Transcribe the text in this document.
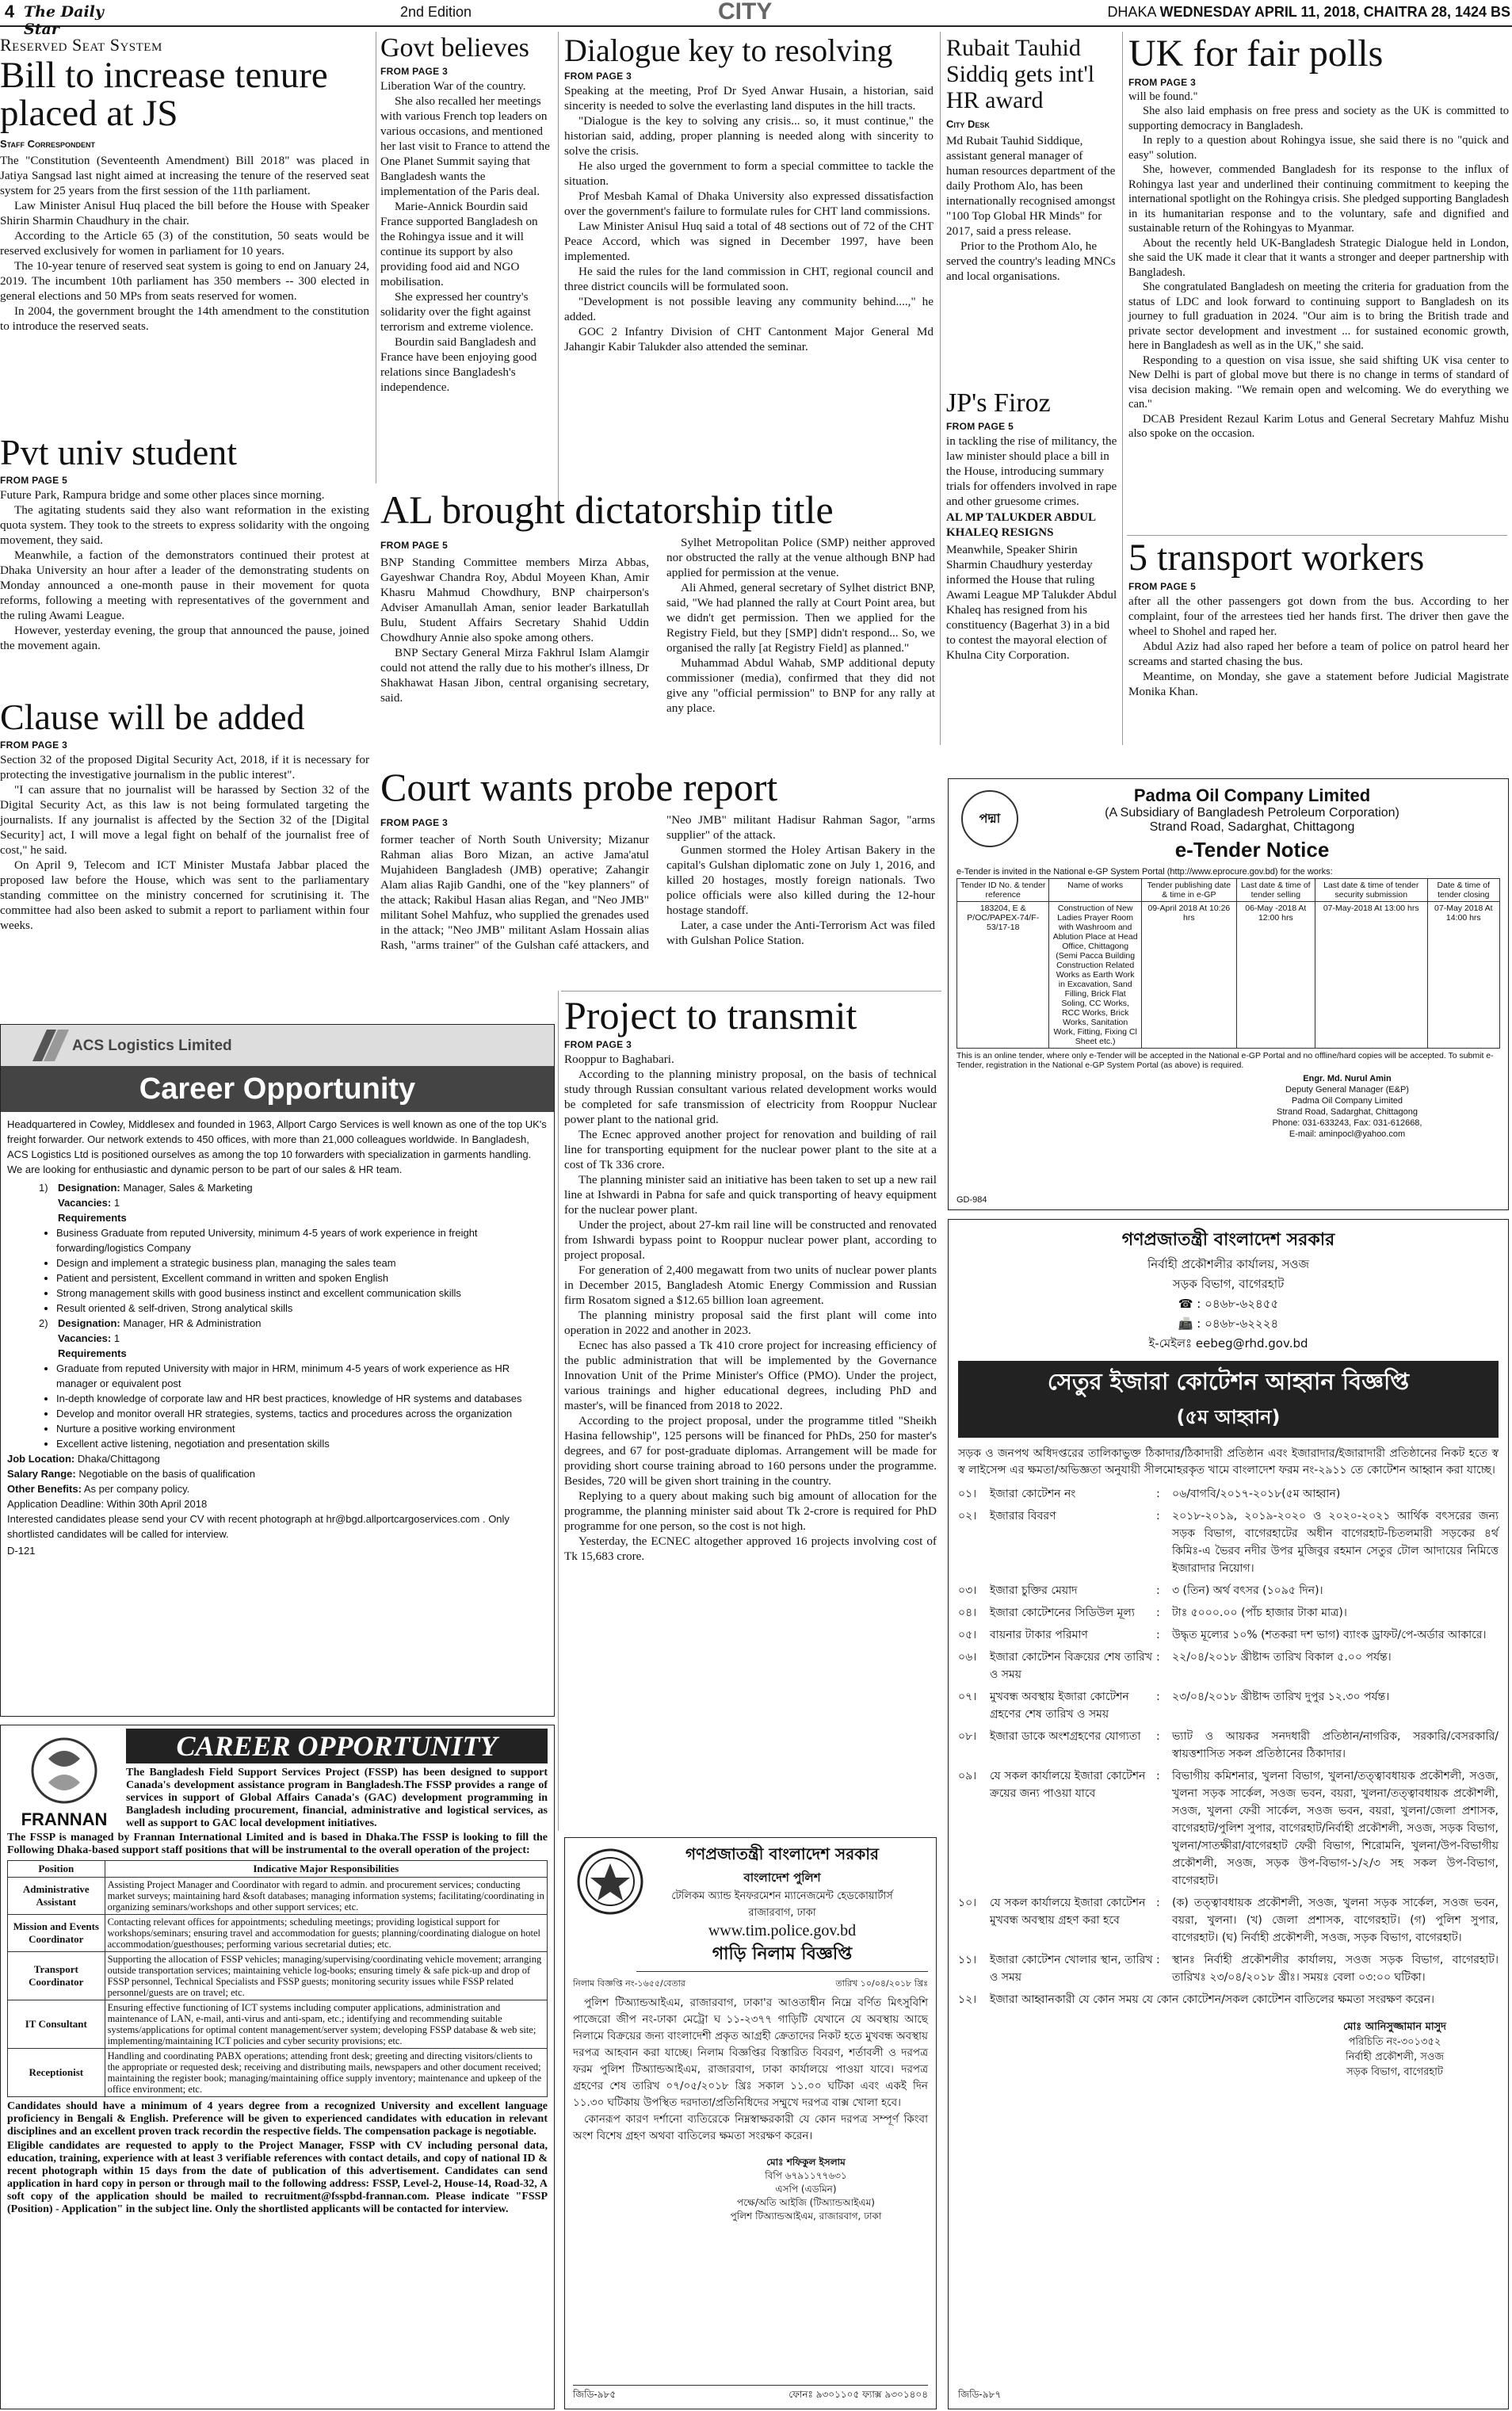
4 The Daily Star
2nd Edition	CITY	DHAKA WEDNESDAY APRIL 11, 2018, CHAITRA 28, 1424 BS
Reserved Seat System
Bill to increase tenure placed at JS
Staff Correspondent

The "Constitution (Seventeenth Amendment) Bill 2018" was placed in Jatiya Sangsad last night aimed at increasing the tenure of the reserved seat system for 25 years from the first session of the 11th parliament.

Law Minister Anisul Huq placed the bill before the House with Speaker Shirin Sharmin Chaudhury in the chair.

According to the Article 65 (3) of the constitution, 50 seats would be reserved exclusively for women in parliament for 10 years.

The 10-year tenure of reserved seat system is going to end on January 24, 2019. The incumbent 10th parliament has 350 members -- 300 elected in general elections and 50 MPs from seats reserved for women.

In 2004, the government brought the 14th amendment to the constitution to introduce the reserved seats.

Pvt univ student
FROM PAGE 5

Future Park, Rampura bridge and some other places since morning.

The agitating students said they also want reformation in the existing quota system. They took to the streets to express solidarity with the ongoing movement, they said.

Meanwhile, a faction of the demonstrators continued their protest at Dhaka University an hour after a leader of the demonstrating students on Monday announced a one-month pause in their movement for quota reforms, following a meeting with representatives of the government and the ruling Awami League.

However, yesterday evening, the group that announced the pause, joined the movement again.

Clause will be added
FROM PAGE 3

Section 32 of the proposed Digital Security Act, 2018, if it is necessary for protecting the investigative journalism in the public interest".

"I can assure that no journalist will be harassed by Section 32 of the Digital Security Act, as this law is not being formulated targeting the journalists. If any journalist is affected by the Section 32 of the [Digital Security] act, I will move a legal fight on behalf of the journalist free of cost," he said.

On April 9, Telecom and ICT Minister Mustafa Jabbar placed the proposed law before the House, which was sent to the parliamentary standing committee on the ministry concerned for scrutinising it. The committee had also been asked to submit a report to parliament within four weeks.

Govt believes
FROM PAGE 3

Liberation War of the country.

She also recalled her meetings with various French top leaders on various occasions, and mentioned her last visit to France to attend the One Planet Summit saying that Bangladesh wants the implementation of the Paris deal.

Marie-Annick Bourdin said France supported Bangladesh on the Rohingya issue and it will continue its support by also providing food aid and NGO mobilisation.

She expressed her country's solidarity over the fight against terrorism and extreme violence.

Bourdin said Bangladesh and France have been enjoying good relations since Bangladesh's independence.

Dialogue key to resolving
FROM PAGE 3

Speaking at the meeting, Prof Dr Syed Anwar Husain, a historian, said sincerity is needed to solve the everlasting land disputes in the hill tracts.

"Dialogue is the key to solving any crisis... so, it must continue," the historian said, adding, proper planning is needed along with sincerity to solve the crisis.

He also urged the government to form a special committee to tackle the situation.

Prof Mesbah Kamal of Dhaka University also expressed dissatisfaction over the government's failure to formulate rules for CHT land commissions.

Law Minister Anisul Huq said a total of 48 sections out of 72 of the CHT Peace Accord, which was signed in December 1997, have been implemented.

He said the rules for the land commission in CHT, regional council and three district councils will be formulated soon.

"Development is not possible leaving any community behind....," he added.

GOC 2 Infantry Division of CHT Cantonment Major General Md Jahangir Kabir Talukder also attended the seminar.

Rubait Tauhid Siddiq gets int'l HR award
City Desk

Md Rubait Tauhid Siddique, assistant general manager of human resources department of the daily Prothom Alo, has been internationally recognised amongst "100 Top Global HR Minds" for 2017, said a press release.

Prior to the Prothom Alo, he served the country's leading MNCs and local organisations.

JP's Firoz
FROM PAGE 5

in tackling the rise of militancy, the law minister should place a bill in the House, introducing summary trials for offenders involved in rape and other gruesome crimes.

AL MP TALUKDER ABDUL KHALEQ RESIGNS

Meanwhile, Speaker Shirin Sharmin Chaudhury yesterday informed the House that ruling Awami League MP Talukder Abdul Khaleq has resigned from his constituency (Bagerhat 3) in a bid to contest the mayoral election of Khulna City Corporation.

UK for fair polls
FROM PAGE 3

will be found."

She also laid emphasis on free press and society as the UK is committed to supporting democracy in Bangladesh.

In reply to a question about Rohingya issue, she said there is no "quick and easy" solution.

She, however, commended Bangladesh for its response to the influx of Rohingya last year and underlined their continuing commitment to keeping the international spotlight on the Rohingya crisis. She pledged supporting Bangladesh in its humanitarian response and to the voluntary, safe and dignified and sustainable return of the Rohingyas to Myanmar.

About the recently held UK-Bangladesh Strategic Dialogue held in London, she said the UK made it clear that it wants a stronger and deeper partnership with Bangladesh.

She congratulated Bangladesh on meeting the criteria for graduation from the status of LDC and look forward to continuing support to Bangladesh on its journey to full graduation in 2024. "Our aim is to bring the British trade and private sector development and investment ... for sustained economic growth, here in Bangladesh as well as in the UK," she said.

Responding to a question on visa issue, she said shifting UK visa center to New Delhi is part of global move but there is no change in terms of standard of visa decision making. "We remain open and welcoming. We do everything we can."

DCAB President Rezaul Karim Lotus and General Secretary Mahfuz Mishu also spoke on the occasion.

5 transport workers
FROM PAGE 5

after all the other passengers got down from the bus. According to her complaint, four of the arrestees tied her hands first. The driver then gave the wheel to Shohel and raped her.

Abdul Aziz had also raped her before a team of police on patrol heard her screams and started chasing the bus.

Meantime, on Monday, she gave a statement before Judicial Magistrate Monika Khan.

AL brought dictatorship title
FROM PAGE 5

BNP Standing Committee members Mirza Abbas, Gayeshwar Chandra Roy, Abdul Moyeen Khan, Amir Khasru Mahmud Chowdhury, BNP chairperson's Adviser Amanullah Aman, senior leader Barkatullah Bulu, Student Affairs Secretary Shahid Uddin Chowdhury Annie also spoke among others.

BNP Sectary General Mirza Fakhrul Islam Alamgir could not attend the rally due to his mother's illness, Dr Shakhawat Hasan Jibon, central organising secretary, said.

Sylhet Metropolitan Police (SMP) neither approved nor obstructed the rally at the venue although BNP had applied for permission at the venue.

Ali Ahmed, general secretary of Sylhet district BNP, said, "We had planned the rally at Court Point area, but we didn't get permission. Then we applied for the Registry Field, but they [SMP] didn't respond... So, we organised the rally [at Registry Field] as planned."

Muhammad Abdul Wahab, SMP additional deputy commissioner (media), confirmed that they did not give any "official permission" to BNP for any rally at any place.

Court wants probe report
FROM PAGE 3

former teacher of North South University; Mizanur Rahman alias Boro Mizan, an active Jama'atul Mujahideen Bangladesh (JMB) operative; Zahangir Alam alias Rajib Gandhi, one of the "key planners" of the attack; Rakibul Hasan alias Regan, and "Neo JMB" militant Sohel Mahfuz, who supplied the grenades used in the attack; "Neo JMB" militant Aslam Hossain alias Rash, "arms trainer" of the Gulshan café attackers, and "Neo JMB" militant Hadisur Rahman Sagor, "arms supplier" of the attack.

Gunmen stormed the Holey Artisan Bakery in the capital's Gulshan diplomatic zone on July 1, 2016, and killed 20 hostages, mostly foreign nationals. Two police officials were also killed during the 12-hour hostage standoff.

Later, a case under the Anti-Terrorism Act was filed with Gulshan Police Station.

পদ্মা
Padma Oil Company Limited
(A Subsidiary of Bangladesh Petroleum Corporation)
Strand Road, Sadarghat, Chittagong
e-Tender Notice
e-Tender is invited in the National e-GP System Portal (http://www.eprocure.gov.bd) for the works:
Tender ID No. & tender reference	Name of works	Tender publishing date & time in e-GP	Last date & time of tender selling	Last date & time of tender security submission	Date & time of tender closing
183204, E & P/OC/PAPEX-74/F-53/17-18	Construction of New Ladies Prayer Room with Washroom and Ablution Place at Head Office, Chittagong (Semi Pacca Building Construction Related Works as Earth Work in Excavation, Sand Filling, Brick Flat Soling, CC Works, RCC Works, Brick Works, Sanitation Work, Fitting, Fixing Cl Sheet etc.)	09-April 2018 At 10:26 hrs	06-May -2018 At 12:00 hrs	07-May-2018 At 13:00 hrs	07-May 2018 At 14:00 hrs
This is an online tender, where only e-Tender will be accepted in the National e-GP Portal and no offline/hard copies will be accepted. To submit e-Tender, registration in the National e-GP System Portal (as above) is required.
Engr. Md. Nurul Amin
Deputy General Manager (E&P)
Padma Oil Company Limited
Strand Road, Sadarghat, Chittagong
Phone: 031-633243, Fax: 031-612668,
E-mail: aminpocl@yahoo.com
GD-984
ACS Logistics Limited
Career Opportunity
Headquartered in Cowley, Middlesex and founded in 1963, Allport Cargo Services is well known as one of the top UK's freight forwarder. Our network extends to 450 offices, with more than 21,000 colleagues worldwide. In Bangladesh, ACS Logistics Ltd is positioned ourselves as among the top 10 forwarders with specialization in garments handling. We are looking for enthusiastic and dynamic person to be part of our sales & HR team.
1) Designation: Manager, Sales & Marketing
Vacancies: 1
Requirements
• Business Graduate from reputed University, minimum 4-5 years of work experience in freight forwarding/logistics Company
• Design and implement a strategic business plan, managing the sales team
• Patient and persistent, Excellent command in written and spoken English
• Strong management skills with good business instinct and excellent communication skills
• Result oriented & self-driven, Strong analytical skills
2) Designation: Manager, HR & Administration
Vacancies: 1
Requirements
• Graduate from reputed University with major in HRM, minimum 4-5 years of work experience as HR manager or equivalent post
• In-depth knowledge of corporate law and HR best practices, knowledge of HR systems and databases
• Develop and monitor overall HR strategies, systems, tactics and procedures across the organization
• Nurture a positive working environment
• Excellent active listening, negotiation and presentation skills
Job Location: Dhaka/Chittagong
Salary Range: Negotiable on the basis of qualification
Other Benefits: As per company policy.
Application Deadline: Within 30th April 2018
Interested candidates please send your CV with recent photograph at hr@bgd.allportcargoservices.com . Only shortlisted candidates will be called for interview.
D-121
CAREER OPPORTUNITY
FRANNAN
The Bangladesh Field Support Services Project (FSSP) has been designed to support Canada's development assistance program in Bangladesh.The FSSP provides a range of services in support of Global Affairs Canada's (GAC) development programming in Bangladesh including procurement, financial, administrative and logistical services, as well as support to GAC local development initiatives.
The FSSP is managed by Frannan International Limited and is based in Dhaka.The FSSP is looking to fill the Following Dhaka-based support staff positions that will be instrumental to the overall operation of the project:
Position	Indicative Major Responsibilities
Administrative Assistant	Assisting Project Manager and Coordinator with regard to admin. and procurement services; conducting market surveys; maintaining hard &soft databases; managing information systems; facilitating/coordinating in organizing seminars/workshops and other support services; etc.
Mission and Events Coordinator	Contacting relevant offices for appointments; scheduling meetings; providing logistical support for workshops/seminars; ensuring travel and accommodation for guests; planning/coordinating dialogue on hotel accommodation/guesthouses; performing various secretarial duties; etc.
Transport Coordinator	Supporting the allocation of FSSP vehicles; managing/supervising/coordinating vehicle movement; arranging outside transportation services; maintaining vehicle log-books; ensuring timely & safe pick-up and drop of FSSP personnel, Technical Specialists and FSSP guests; monitoring security issues while FSSP related personnel/guests are on travel; etc.
IT Consultant	Ensuring effective functioning of ICT systems including computer applications, administration and maintenance of LAN, e-mail, anti-virus and anti-spam, etc.; identifying and recommending suitable systems/applications for optimal content management/server system; developing FSSP database & web site; implementing/maintaining ICT policies and cyber security provisions; etc.
Receptionist	Handling and coordinating PABX operations; attending front desk; greeting and directing visitors/clients to the appropriate or requested desk; receiving and distributing mails, newspapers and other document received; maintaining the register book; managing/maintaining office supply inventory; maintenance and upkeep of the office environment; etc.
Candidates should have a minimum of 4 years degree from a recognized University and excellent language proficiency in Bengali & English. Preference will be given to experienced candidates with education in relevant disciplines and an excellent proven track recordin the respective fields. The compensation package is negotiable.
Eligible candidates are requested to apply to the Project Manager, FSSP with CV including personal data, education, training, experience with at least 3 verifiable references with contact details, and copy of national ID & recent photograph within 15 days from the date of publication of this advertisement. Candidates can send application in hard copy in person or through mail to the following address: FSSP, Level-2, House-14, Road-32, A soft copy of the application should be mailed to recruitment@fsspbd-frannan.com. Please indicate "FSSP (Position) - Application" in the subject line. Only the shortlisted applicants will be contacted for interview.
Project to transmit
FROM PAGE 3

Rooppur to Baghabari.

According to the planning ministry proposal, on the basis of technical study through Russian consultant various related development works would be completed for safe transmission of electricity from Rooppur Nuclear power plant to the national grid.

The Ecnec approved another project for renovation and building of rail line for transporting equipment for the nuclear power plant to the site at a cost of Tk 336 crore.

The planning minister said an initiative has been taken to set up a new rail line at Ishwardi in Pabna for safe and quick transporting of heavy equipment for the nuclear power plant.

Under the project, about 27-km rail line will be constructed and renovated from Ishwardi bypass point to Rooppur nuclear power plant, according to project proposal.

For generation of 2,400 megawatt from two units of nuclear power plants in December 2015, Bangladesh Atomic Energy Commission and Russian firm Rosatom signed a $12.65 billion loan agreement.

The planning ministry proposal said the first plant will come into operation in 2022 and another in 2023.

Ecnec has also passed a Tk 410 crore project for increasing efficiency of the public administration that will be implemented by the Governance Innovation Unit of the Prime Minister's Office (PMO). Under the project, various trainings and higher educational degrees, including PhD and master's, will be financed from 2018 to 2022.

According to the project proposal, under the programme titled "Sheikh Hasina fellowship", 125 persons will be financed for PhDs, 250 for master's degrees, and 67 for post-graduate diplomas. Arrangement will be made for providing short course training abroad to 160 persons under the programme. Besides, 720 will be given short training in the country.

Replying to a query about making such big amount of allocation for the programme, the planning minister said about Tk 2-crore is required for PhD programme for one person, so the cost is not high.

Yesterday, the ECNEC altogether approved 16 projects involving cost of Tk 15,683 crore.

গণপ্রজাতন্ত্রী বাংলাদেশ সরকার
বাংলাদেশ পুলিশ
টেলিকম অ্যান্ড ইনফরমেশন ম্যানেজমেন্ট হেডকোয়ার্টার্স
রাজারবাগ, ঢাকা
www.tim.police.gov.bd
গাড়ি নিলাম বিজ্ঞপ্তি
নিলাম বিজ্ঞপ্তি নং-১৬৫৫/বেতার	তারিখ ১০/০৪/২০১৮ খ্রিঃ
পুলিশ টিঅ্যান্ডআইএম, রাজারবাগ, ঢাকা'র আওতাধীন নিম্নে বর্ণিত মিৎসুবিশি পাজেরো জীপ নং-ঢাকা মেট্রো ঘ ১১-২৩৭৭ গাড়িটি যেখানে যে অবস্থায় আছে নিলামে বিক্রয়ের জন্য বাংলাদেশী প্রকৃত আগ্রহী ক্রেতাদের নিকট হতে মুখবন্ধ অবস্থায় দরপত্র আহবান করা যাচ্ছে। নিলাম বিজ্ঞপ্তির বিস্তারিত বিবরণ, শর্তাবলী ও দরপত্র ফরম পুলিশ টিঅ্যান্ডআইএম, রাজারবাগ, ঢাকা কার্যালয়ে পাওয়া যাবে। দরপত্র গ্রহণের শেষ তারিখ ০৭/০৫/২০১৮ খ্রিঃ সকাল ১১.০০ ঘটিকা এবং একই দিন ১১.৩০ ঘটিকায় উপস্থিত দরদাতা/প্রতিনিধিদের সম্মুখে দরপত্র বাক্স খোলা হবে।
কোনরূপ কারণ দর্শানো ব্যতিরেকে নিম্নস্বাক্ষরকারী যে কোন দরপত্র সম্পূর্ণ কিংবা অংশ বিশেষ গ্রহণ অথবা বাতিলের ক্ষমতা সংরক্ষণ করেন।
মোঃ শফিকুল ইসলাম
বিপি ৬৭৯১১৭৭৬৩১
এসপি (এডমিন)
পক্ষে/অতি আইজি (টিঅ্যান্ডআইএম)
পুলিশ টিঅ্যান্ডআইএম, রাজারবাগ, ঢাকা
জিডি-৯৮৫	ফোনঃ ৯৩০১১০৫ ফ্যাক্স ৯৩০১৪০৪
গণপ্রজাতন্ত্রী বাংলাদেশ সরকার
নির্বাহী প্রকৌশলীর কার্যালয়, সওজ
সড়ক বিভাগ, বাগেরহাট
☎ : ০৪৬৮-৬২৪৫৫
📠 : ০৪৬৮-৬২২২৪
ই-মেইলঃ eebeg@rhd.gov.bd
সেতুর ইজারা কোটেশন আহ্বান বিজ্ঞপ্তি
(৫ম আহ্বান)
সড়ক ও জনপথ অধিদপ্তরের তালিকাভুক্ত ঠিকাদার/ঠিকাদারী প্রতিষ্ঠান এবং ইজারাদার/ইজারাদারী প্রতিষ্ঠানের নিকট হতে স্ব স্ব লাইসেন্স এর ক্ষমতা/অভিজ্ঞতা অনুযায়ী সীলমোহরকৃত খামে বাংলাদেশ ফরম নং-২৯১১ তে কোটেশন আহ্বান করা যাচ্ছে।
০১।	ইজারা কোটেশন নং	:	০৬/বাগবি/২০১৭-২০১৮(৫ম আহ্বান)
০২।	ইজারার বিবরণ	:	২০১৮-২০১৯, ২০১৯-২০২০ ও ২০২০-২০২১ আর্থিক বৎসরের জন্য সড়ক বিভাগ, বাগেরহাটের অধীন বাগেরহাট-চিতলমারী সড়কের ৪র্থ কিমিঃ-এ ভৈরব নদীর উপর মুজিবুর রহমান সেতুর টোল আদায়ের নিমিত্তে ইজারাদার নিয়োগ।
০৩।	ইজারা চুক্তির মেয়াদ	:	৩ (তিন) অর্থ বৎসর (১০৯৫ দিন)।
০৪।	ইজারা কোটেশনের সিডিউল মূল্য	:	টাঃ ৫০০০.০০ (পাঁচ হাজার টাকা মাত্র)।
০৫।	বায়নার টাকার পরিমাণ	:	উদ্ধৃত মূল্যের ১০% (শতকরা দশ ভাগ) ব্যাংক ড্রাফট/পে-অর্ডার আকারে।
০৬।	ইজারা কোটেশন বিক্রয়ের শেষ তারিখ ও সময়
:	২২/০৪/২০১৮ খ্রীষ্টাব্দ তারিখ বিকাল ৫.০০ পর্যন্ত।
০৭।	মুখবন্ধ অবস্থায় ইজারা কোটেশন গ্রহণের শেষ তারিখ ও সময়
:	২৩/০৪/২০১৮ খ্রীষ্টাব্দ তারিখ দুপুর ১২.৩০ পর্যন্ত।
০৮।	ইজারা ডাকে অংশগ্রহণের যোগ্যতা	:	ভ্যাট ও আয়কর সনদধারী প্রতিষ্ঠান/নাগরিক, সরকারি/বেসরকারি/স্বায়ত্তশাসিত সকল প্রতিষ্ঠানের ঠিকাদার।
০৯।	যে সকল কার্যালয়ে ইজারা কোটেশন ক্রয়ের জন্য পাওয়া যাবে
:	বিভাগীয় কমিশনার, খুলনা বিভাগ, খুলনা/তত্ত্বাবধায়ক প্রকৌশলী, সওজ, খুলনা সড়ক সার্কেল, সওজ ভবন, বয়রা, খুলনা/তত্ত্বাবধায়ক প্রকৌশলী, সওজ, খুলনা ফেরী সার্কেল, সওজ ভবন, বয়রা, খুলনা/জেলা প্রশাসক, বাগেরহাট/পুলিশ সুপার, বাগেরহাট/নির্বাহী প্রকৌশলী, সওজ, সড়ক বিভাগ, খুলনা/সাতক্ষীরা/বাগেরহাট ফেরী বিভাগ, শিরোমনি, খুলনা/উপ-বিভাগীয় প্রকৌশলী, সওজ, সড়ক উপ-বিভাগ-১/২/৩ সহ সকল উপ-বিভাগ, বাগেরহাট।
১০।	যে সকল কার্যালয়ে ইজারা কোটেশন মুখবন্ধ অবস্থায় গ্রহণ করা হবে
:	(ক) তত্ত্বাবধায়ক প্রকৌশলী, সওজ, খুলনা সড়ক সার্কেল, সওজ ভবন, বয়রা, খুলনা। (খ) জেলা প্রশাসক, বাগেরহাট। (গ) পুলিশ সুপার, বাগেরহাট। (ঘ) নির্বাহী প্রকৌশলী, সওজ, সড়ক বিভাগ, বাগেরহাট।
১১।	ইজারা কোটেশন খোলার স্থান, তারিখ ও সময়
:	স্থানঃ নির্বাহী প্রকৌশলীর কার্যালয়, সওজ সড়ক বিভাগ, বাগেরহাট। তারিখঃ ২৩/০৪/২০১৮ খ্রীঃ। সময়ঃ বেলা ০৩:০০ ঘটিকা।
১২।	ইজারা আহ্বানকারী যে কোন সময় যে কোন কোটেশন/সকল কোটেশন বাতিলের ক্ষমতা সংরক্ষণ করেন।
মোঃ আনিসুজ্জামান মাসুদ
পরিচিতি নং-৩০১৩৫২
নির্বাহী প্রকৌশলী, সওজ
সড়ক বিভাগ, বাগেরহাট
জিডি-৯৮৭
